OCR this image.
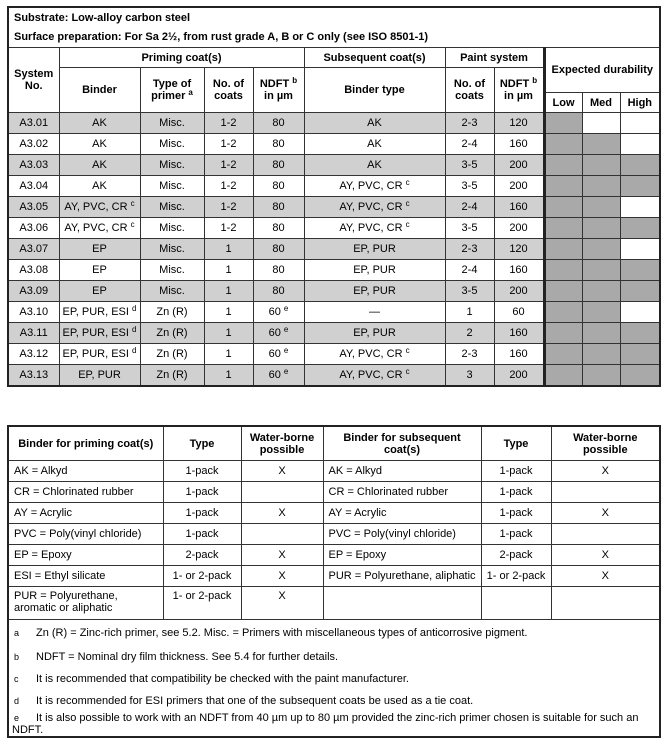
Substrate: Low-alloy carbon steel										
Surface preparation: For Sa 2½, from rust grade A, B or C only (see ISO 8501-1)										
System No.	Priming coat(s)				Subsequent coat(s)	Paint system		Expected durability		
	Binder	Type of primer $^a$	No. of coats	NDFT $^b$
in µm	Binder type	No. of coats	NDFT $^b$
in µm			
								Low	Med	High
A3.01	AK	Misc.	1-2	80	AK	2-3	120			
A3.02	AK	Misc.	1-2	80	AK	2-4	160			
A3.03	AK	Misc.	1-2	80	AK	3-5	200			
A3.04	AK	Misc.	1-2	80	AY, PVC, CR $^c$	3-5	200			
A3.05	AY, PVC, CR $^c$	Misc.	1-2	80	AY, PVC, CR $^c$	2-4	160			
A3.06	AY, PVC, CR $^c$	Misc.	1-2	80	AY, PVC, CR $^c$	3-5	200			
A3.07	EP	Misc.	1	80	EP, PUR	2-3	120			
A3.08	EP	Misc.	1	80	EP, PUR	2-4	160			
A3.09	EP	Misc.	1	80	EP, PUR	3-5	200			
A3.10	EP, PUR, ESI $^d$	Zn (R)	1	60 $^e$	—	1	60			
A3.11	EP, PUR, ESI $^d$	Zn (R)	1	60 $^e$	EP, PUR	2	160			
A3.12	EP, PUR, ESI $^d$	Zn (R)	1	60 $^e$	AY, PVC, CR $^c$	2-3	160			
A3.13	EP, PUR	Zn (R)	1	60 $^e$	AY, PVC, CR $^c$	3	200			
Binder for priming coat(s)	Type	Water-borne possible	Binder for subsequent coat(s)	Type	Water-borne possible
AK = Alkyd	1-pack	X	AK = Alkyd	1-pack	X
CR = Chlorinated rubber	1-pack		CR = Chlorinated rubber	1-pack	
AY = Acrylic	1-pack	X	AY = Acrylic	1-pack	X
PVC = Poly(vinyl chloride)	1-pack		PVC = Poly(vinyl chloride)	1-pack	
EP = Epoxy	2-pack	X	EP = Epoxy	2-pack	X
ESI = Ethyl silicate	1- or 2-pack	X	PUR = Polyurethane, aliphatic	1- or 2-pack	X
PUR = Polyurethane, aromatic or aliphatic	1- or 2-pack	X			
a Zn (R) = Zinc-rich primer, see 5.2. Misc. = Primers with miscellaneous types of anticorrosive pigment.					
b NDFT = Nominal dry film thickness. See 5.4 for further details.					
c It is recommended that compatibility be checked with the paint manufacturer.					
d It is recommended for ESI primers that one of the subsequent coats be used as a tie coat.					
e It is also possible to work with an NDFT from 40 µm up to 80 µm provided the zinc-rich primer chosen is suitable for such an NDFT.					
